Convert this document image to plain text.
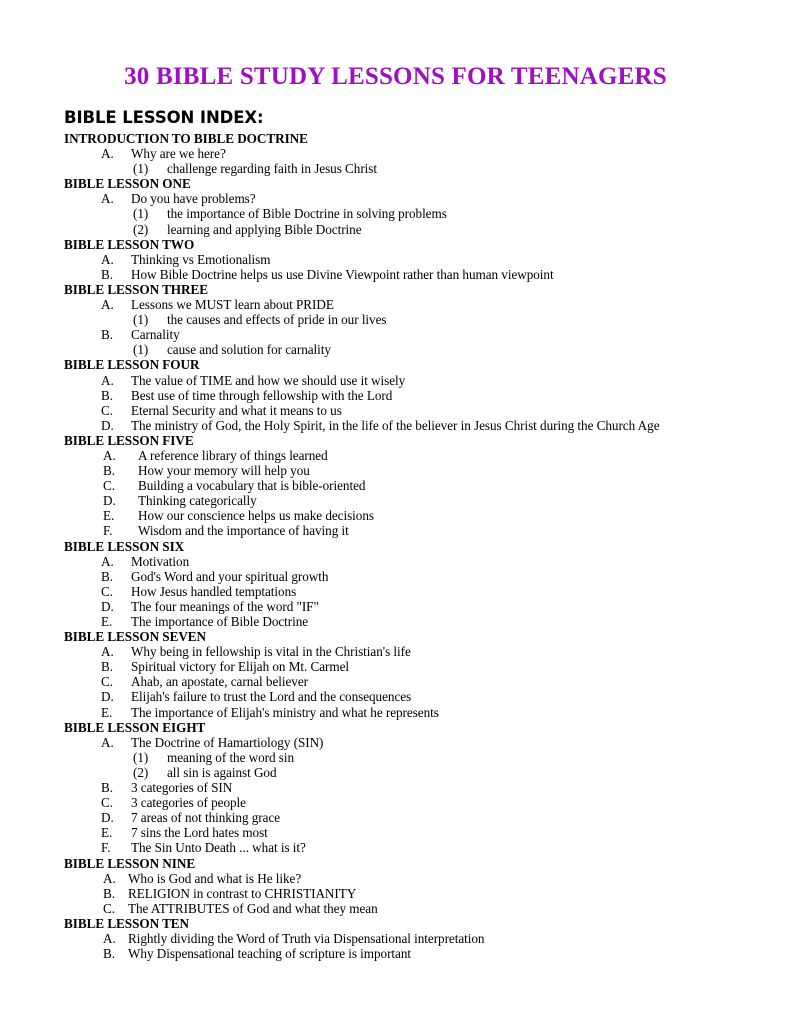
30 BIBLE STUDY LESSONS FOR TEENAGERS
BIBLE LESSON INDEX:
INTRODUCTION TO BIBLE DOCTRINE
A. Why are we here?
(1) challenge regarding faith in Jesus Christ
BIBLE LESSON ONE
A. Do you have problems?
(1) the importance of Bible Doctrine in solving problems
(2) learning and applying Bible Doctrine
BIBLE LESSON TWO
A. Thinking vs Emotionalism
B. How Bible Doctrine helps us use Divine Viewpoint rather than human viewpoint
BIBLE LESSON THREE
A. Lessons we MUST learn about PRIDE
(1) the causes and effects of pride in our lives
B. Carnality
(1) cause and solution for carnality
BIBLE LESSON FOUR
A. The value of TIME and how we should use it wisely
B. Best use of time through fellowship with the Lord
C. Eternal Security and what it means to us
D. The ministry of God, the Holy Spirit, in the life of the believer in Jesus Christ during the Church Age
BIBLE LESSON FIVE
A. A reference library of things learned
B. How your memory will help you
C. Building a vocabulary that is bible-oriented
D. Thinking categorically
E. How our conscience helps us make decisions
F. Wisdom and the importance of having it
BIBLE LESSON SIX
A. Motivation
B. God's Word and your spiritual growth
C. How Jesus handled temptations
D. The four meanings of the word "IF"
E. The importance of Bible Doctrine
BIBLE LESSON SEVEN
A. Why being in fellowship is vital in the Christian's life
B. Spiritual victory for Elijah on Mt. Carmel
C. Ahab, an apostate, carnal believer
D. Elijah's failure to trust the Lord and the consequences
E. The importance of Elijah's ministry and what he represents
BIBLE LESSON EIGHT
A. The Doctrine of Hamartiology (SIN)
(1) meaning of the word sin
(2) all sin is against God
B. 3 categories of SIN
C. 3 categories of people
D. 7 areas of not thinking grace
E. 7 sins the Lord hates most
F. The Sin Unto Death ... what is it?
BIBLE LESSON NINE
A. Who is God and what is He like?
B. RELIGION in contrast to CHRISTIANITY
C. The ATTRIBUTES of God and what they mean
BIBLE LESSON TEN
A. Rightly dividing the Word of Truth via Dispensational interpretation
B. Why Dispensational teaching of scripture is important
